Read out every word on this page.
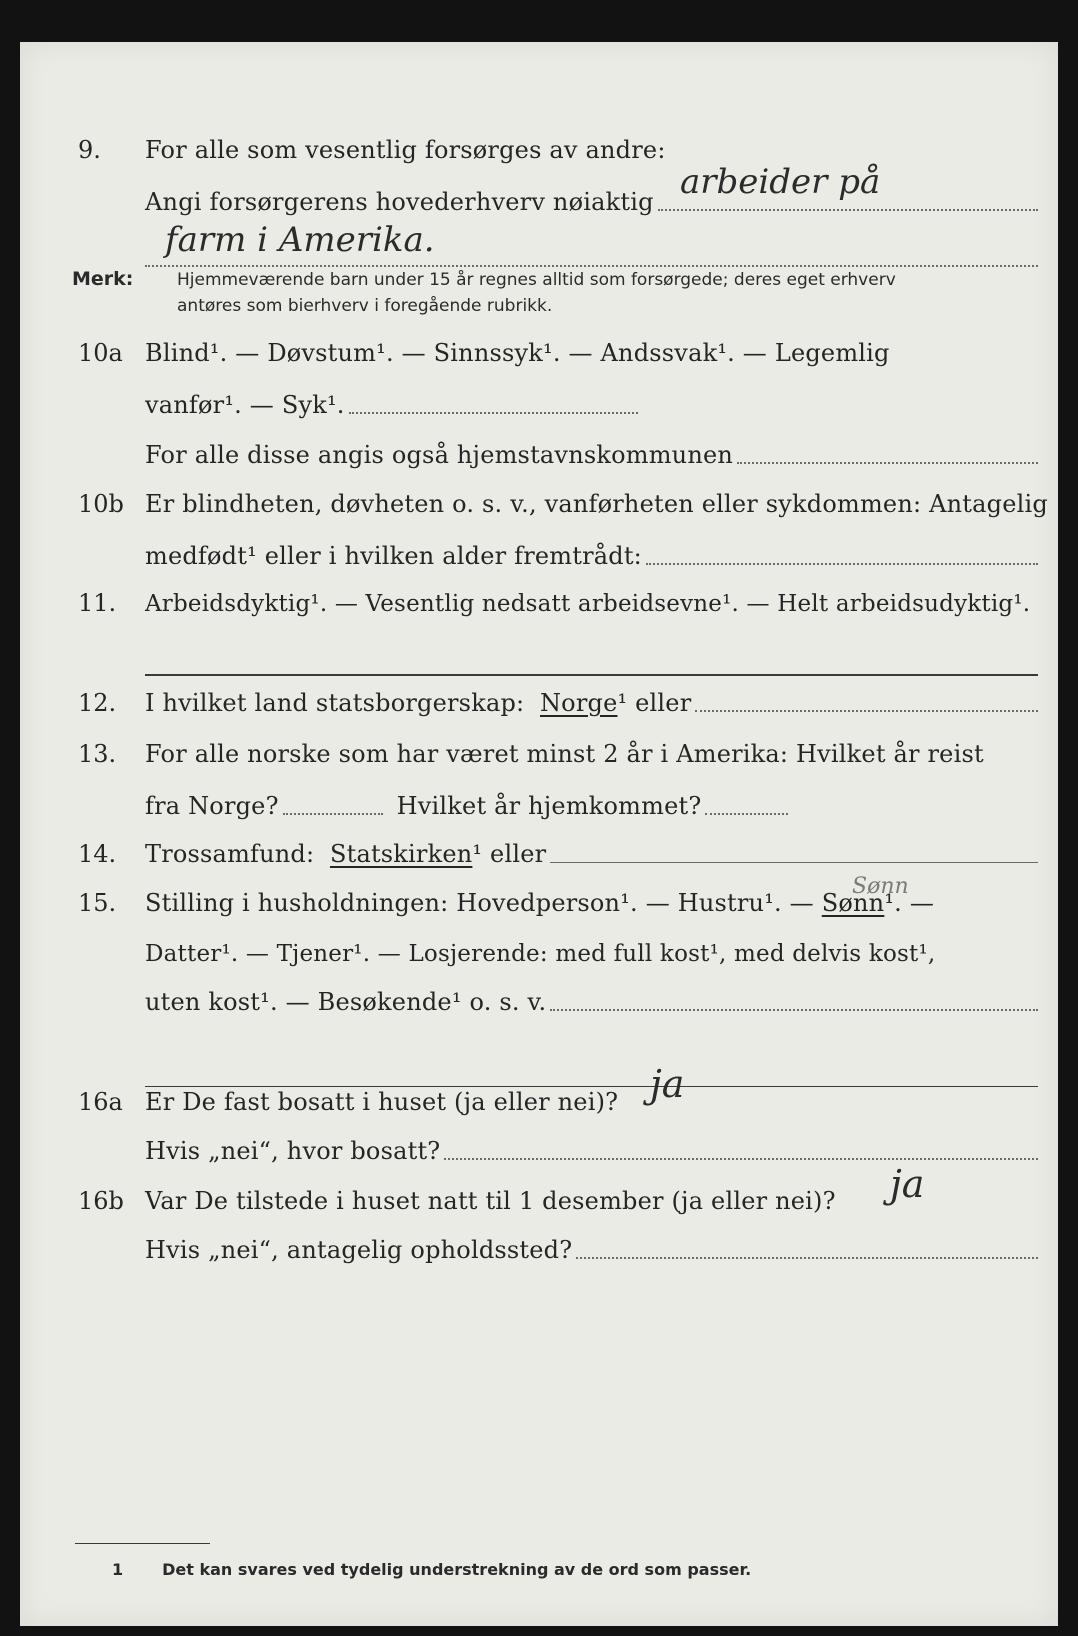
9. For alle som vesentlig forsørges av andre:
Angi forsørgerens hovederhverv nøiaktig arbeider på
farm i Amerika.
Merk:	Hjemmeværende barn under 15 år regnes alltid som forsørgede; deres eget erhverv
antøres som bierhverv i foregående rubrikk.
10a Blind¹. — Døvstum¹. — Sinnssyk¹. — Andssvak¹. — Legemlig
vanfør¹. — Syk¹.
For alle disse angis også hjemstavnskommunen
10b Er blindheten, døvheten o. s. v., vanførheten eller sykdommen: Antagelig
medfødt¹ eller i hvilken alder fremtrådt:
11. Arbeidsdyktig¹. — Vesentlig nedsatt arbeidsevne¹. — Helt arbeidsudyktig¹.
12. I hvilket land statsborgerskap: Norge¹ eller
13. For alle norske som har været minst 2 år i Amerika: Hvilket år reist
fra Norge?	Hvilket år hjemkommet?
14. Trossamfund: Statskirken¹ eller
Sønn
15. Stilling i husholdningen: Hovedperson¹. — Hustru¹. — Sønn¹. —
Datter¹. — Tjener¹. — Losjerende: med full kost¹, med delvis kost¹,
uten kost¹. — Besøkende¹ o. s. v.
16a Er De fast bosatt i huset (ja eller nei)? ja
Hvis „nei“, hvor bosatt?
16b Var De tilstede i huset natt til 1 desember (ja eller nei)? ja
Hvis „nei“, antagelig opholdssted?
1 Det kan svares ved tydelig understrekning av de ord som passer.
